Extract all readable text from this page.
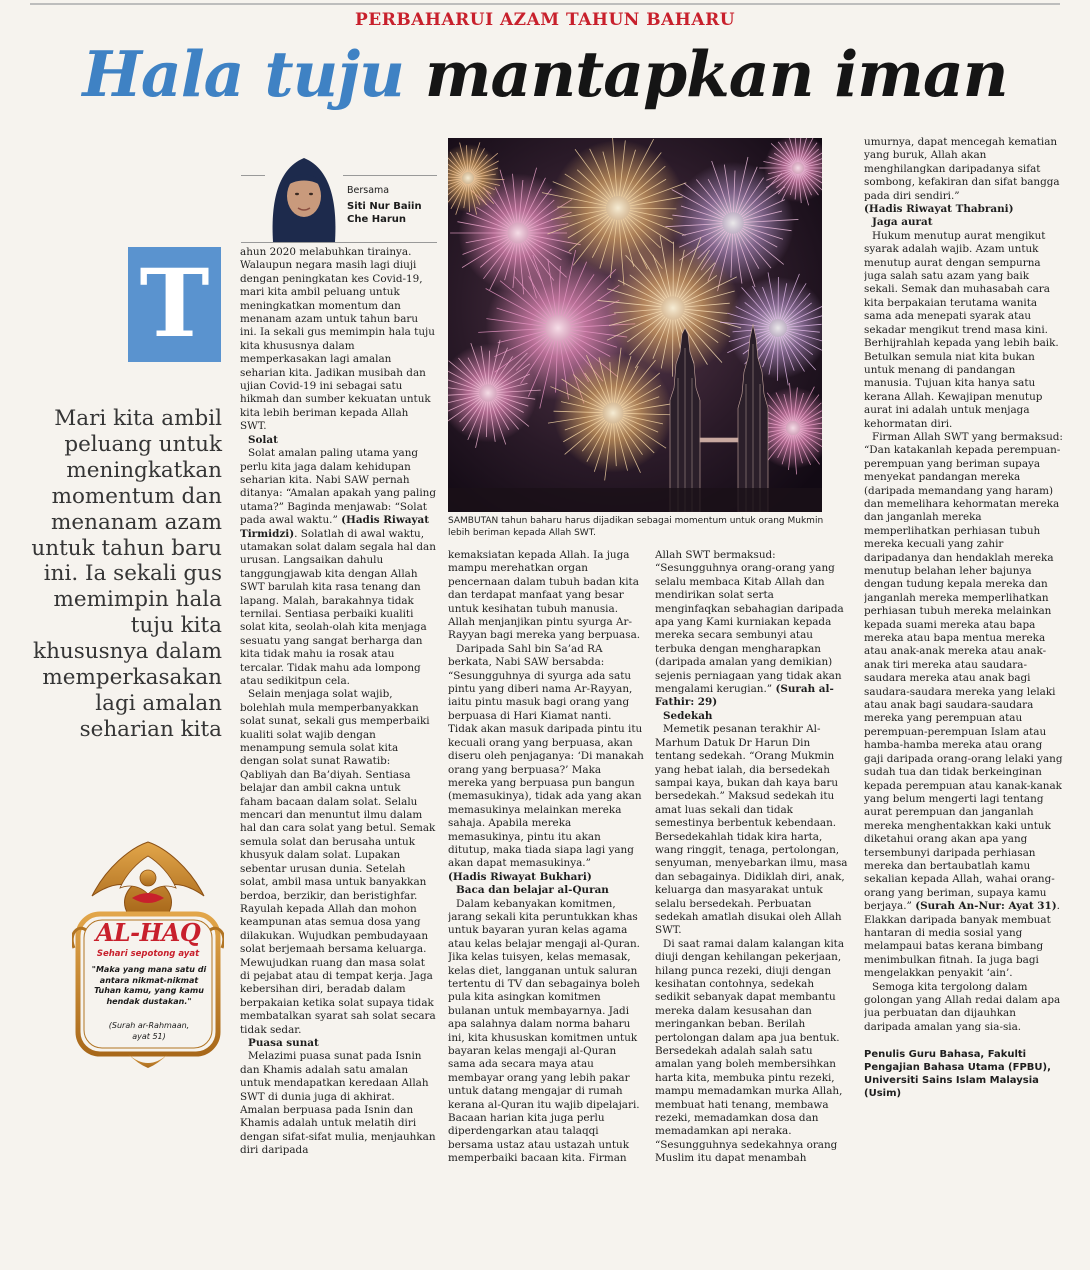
PERBAHARUI AZAM TAHUN BAHARU
Hala tuju mantapkan iman
Bersama
Siti Nur Baiin
Che Harun
T
Mari kita ambil peluang untuk meningkatkan momentum dan menanam azam untuk tahun baru ini. Ia sekali gus memimpin hala tuju kita khususnya dalam memperkasakan lagi amalan seharian kita
AL-HAQ
Sehari sepotong ayat
"Maka yang mana satu di antara nikmat-nikmat Tuhan kamu, yang kamu hendak dustakan."
(Surah ar-Rahmaan,
ayat 51)
SAMBUTAN tahun baharu harus dijadikan sebagai momentum untuk orang Mukmin lebih beriman kepada Allah SWT.

ahun 2020 melabuhkan tirainya. Walaupun negara masih lagi diuji dengan peningkatan kes Covid-19, mari kita ambil peluang untuk meningkatkan momentum dan menanam azam untuk tahun baru ini. Ia sekali gus memimpin hala tuju kita khususnya dalam memperkasakan lagi amalan seharian kita. Jadikan musibah dan ujian Covid-19 ini sebagai satu hikmah dan sumber kekuatan untuk kita lebih beriman kepada Allah SWT.

Solat

Solat amalan paling utama yang perlu kita jaga dalam kehidupan seharian kita. Nabi SAW pernah ditanya: “Amalan apakah yang paling utama?” Baginda menjawab: “Solat pada awal waktu.” (Hadis Riwayat Tirmidzi). Solatlah di awal waktu, utamakan solat dalam segala hal dan urusan. Langsaikan dahulu tanggungjawab kita dengan Allah SWT barulah kita rasa tenang dan lapang. Malah, barakahnya tidak ternilai. Sentiasa perbaiki kualiti solat kita, seolah-olah kita menjaga sesuatu yang sangat berharga dan kita tidak mahu ia rosak atau tercalar. Tidak mahu ada lompong atau sedikitpun cela.

Selain menjaga solat wajib, bolehlah mula memperbanyakkan solat sunat, sekali gus memperbaiki kualiti solat wajib dengan menampung semula solat kita dengan solat sunat Rawatib: Qabliyah dan Ba’diyah. Sentiasa belajar dan ambil cakna untuk faham bacaan dalam solat. Selalu mencari dan menuntut ilmu dalam hal dan cara solat yang betul. Semak semula solat dan berusaha untuk khusyuk dalam solat. Lupakan sebentar urusan dunia. Setelah solat, ambil masa untuk banyakkan berdoa, berzikir, dan beristighfar. Rayulah kepada Allah dan mohon keampunan atas semua dosa yang dilakukan. Wujudkan pembudayaan solat berjemaah bersama keluarga. Mewujudkan ruang dan masa solat di pejabat atau di tempat kerja. Jaga kebersihan diri, beradab dalam berpakaian ketika solat supaya tidak membatalkan syarat sah solat secara tidak sedar.

Puasa sunat

Melazimi puasa sunat pada Isnin dan Khamis adalah satu amalan untuk mendapatkan keredaan Allah SWT di dunia juga di akhirat. Amalan berpuasa pada Isnin dan Khamis adalah untuk melatih diri dengan sifat-sifat mulia, menjauhkan diri daripada

kemaksiatan kepada Allah. Ia juga mampu merehatkan organ pencernaan dalam tubuh badan kita dan terdapat manfaat yang besar untuk kesihatan tubuh manusia. Allah menjanjikan pintu syurga Ar-Rayyan bagi mereka yang berpuasa.

Daripada Sahl bin Sa’ad RA berkata, Nabi SAW bersabda: “Sesungguhnya di syurga ada satu pintu yang diberi nama Ar-Rayyan, iaitu pintu masuk bagi orang yang berpuasa di Hari Kiamat nanti. Tidak akan masuk daripada pintu itu kecuali orang yang berpuasa, akan diseru oleh penjaganya: ‘Di manakah orang yang berpuasa?’ Maka mereka yang berpuasa pun bangun (memasukinya), tidak ada yang akan memasukinya melainkan mereka sahaja. Apabila mereka memasukinya, pintu itu akan ditutup, maka tiada siapa lagi yang akan dapat memasukinya.”
(Hadis Riwayat Bukhari)

Baca dan belajar al-Quran

Dalam kebanyakan komitmen, jarang sekali kita peruntukkan khas untuk bayaran yuran kelas agama atau kelas belajar mengaji al-Quran. Jika kelas tuisyen, kelas memasak, kelas diet, langganan untuk saluran tertentu di TV dan sebagainya boleh pula kita asingkan komitmen bulanan untuk membayarnya. Jadi apa salahnya dalam norma baharu ini, kita khususkan komitmen untuk bayaran kelas mengaji al-Quran sama ada secara maya atau membayar orang yang lebih pakar untuk datang mengajar di rumah kerana al-Quran itu wajib dipelajari. Bacaan harian kita juga perlu diperdengarkan atau talaqqi bersama ustaz atau ustazah untuk memperbaiki bacaan kita. Firman

Allah SWT bermaksud: “Sesungguhnya orang-orang yang selalu membaca Kitab Allah dan mendirikan solat serta menginfaqkan sebahagian daripada apa yang Kami kurniakan kepada mereka secara sembunyi atau terbuka dengan mengharapkan (daripada amalan yang demikian) sejenis perniagaan yang tidak akan mengalami kerugian.” (Surah al-Fathir: 29)

Sedekah

Memetik pesanan terakhir Al-Marhum Datuk Dr Harun Din tentang sedekah. “Orang Mukmin yang hebat ialah, dia bersedekah sampai kaya, bukan dah kaya baru bersedekah.” Maksud sedekah itu amat luas sekali dan tidak semestinya berbentuk kebendaan. Bersedekahlah tidak kira harta, wang ringgit, tenaga, pertolongan, senyuman, menyebarkan ilmu, masa dan sebagainya. Didiklah diri, anak, keluarga dan masyarakat untuk selalu bersedekah. Perbuatan sedekah amatlah disukai oleh Allah SWT.

Di saat ramai dalam kalangan kita diuji dengan kehilangan pekerjaan, hilang punca rezeki, diuji dengan kesihatan contohnya, sedekah sedikit sebanyak dapat membantu mereka dalam kesusahan dan meringankan beban. Berilah pertolongan dalam apa jua bentuk. Bersedekah adalah salah satu amalan yang boleh membersihkan harta kita, membuka pintu rezeki, mampu memadamkan murka Allah, membuat hati tenang, membawa rezeki, memadamkan dosa dan memadamkan api neraka. “Sesungguhnya sedekahnya orang Muslim itu dapat menambah

umurnya, dapat mencegah kematian yang buruk, Allah akan menghilangkan daripadanya sifat sombong, kefakiran dan sifat bangga pada diri sendiri.”
(Hadis Riwayat Thabrani)

Jaga aurat

Hukum menutup aurat mengikut syarak adalah wajib. Azam untuk menutup aurat dengan sempurna juga salah satu azam yang baik sekali. Semak dan muhasabah cara kita berpakaian terutama wanita sama ada menepati syarak atau sekadar mengikut trend masa kini. Berhijrahlah kepada yang lebih baik. Betulkan semula niat kita bukan untuk menang di pandangan manusia. Tujuan kita hanya satu kerana Allah. Kewajipan menutup aurat ini adalah untuk menjaga kehormatan diri.

Firman Allah SWT yang bermaksud: “Dan katakanlah kepada perempuan-perempuan yang beriman supaya menyekat pandangan mereka (daripada memandang yang haram) dan memelihara kehormatan mereka dan janganlah mereka memperlihatkan perhiasan tubuh mereka kecuali yang zahir daripadanya dan hendaklah mereka menutup belahan leher bajunya dengan tudung kepala mereka dan janganlah mereka memperlihatkan perhiasan tubuh mereka melainkan kepada suami mereka atau bapa mereka atau bapa mentua mereka atau anak-anak mereka atau anak-anak tiri mereka atau saudara-saudara mereka atau anak bagi saudara-saudara mereka yang lelaki atau anak bagi saudara-saudara mereka yang perempuan atau perempuan-perempuan Islam atau hamba-hamba mereka atau orang gaji daripada orang-orang lelaki yang sudah tua dan tidak berkeinginan kepada perempuan atau kanak-kanak yang belum mengerti lagi tentang aurat perempuan dan janganlah mereka menghentakkan kaki untuk diketahui orang akan apa yang tersembunyi daripada perhiasan mereka dan bertaubatlah kamu sekalian kepada Allah, wahai orang-orang yang beriman, supaya kamu berjaya.” (Surah An-Nur: Ayat 31). Elakkan daripada banyak membuat hantaran di media sosial yang melampaui batas kerana bimbang menimbulkan fitnah. Ia juga bagi mengelakkan penyakit ‘ain’.

Semoga kita tergolong dalam golongan yang Allah redai dalam apa jua perbuatan dan dijauhkan daripada amalan yang sia-sia.

Penulis Guru Bahasa, Fakulti Pengajian Bahasa Utama (FPBU), Universiti Sains Islam Malaysia (Usim)
